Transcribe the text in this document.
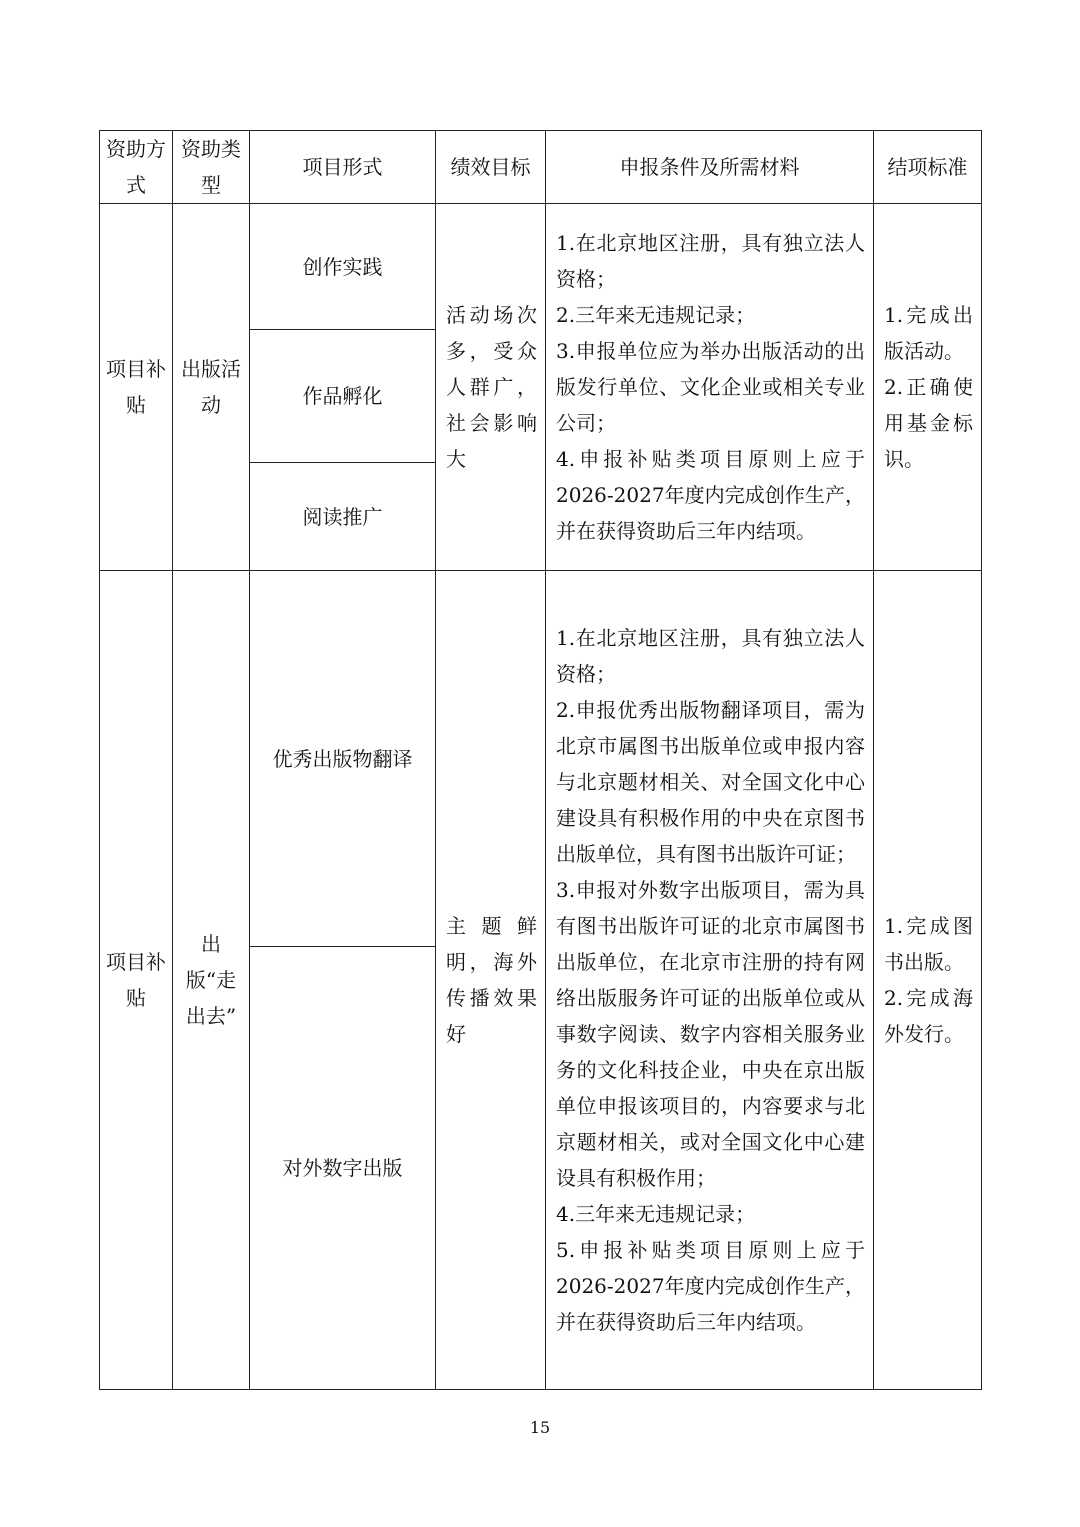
资助方式	资助类型	项目形式	绩效目标	申报条件及所需材料	结项标准
项目补贴	出版活动	创作实践	活动场次多，受众人群广，社会影响大	1.在北京地区注册，具有独立法人资格；
2.三年来无违规记录；
3.申报单位应为举办出版活动的出版发行单位、文化企业或相关专业公司；
4.申报补贴类项目原则上应于2026-2027年度内完成创作生产，并在获得资助后三年内结项。	1.完成出版活动。
2.正确使用基金标识。
		作品孵化			
		阅读推广			
项目补贴	出版“走出去”	优秀出版物翻译	主题鲜明，海外传播效果好	1.在北京地区注册，具有独立法人资格；
2.申报优秀出版物翻译项目，需为北京市属图书出版单位或申报内容与北京题材相关、对全国文化中心建设具有积极作用的中央在京图书出版单位，具有图书出版许可证；
3.申报对外数字出版项目，需为具有图书出版许可证的北京市属图书出版单位，在北京市注册的持有网络出版服务许可证的出版单位或从事数字阅读、数字内容相关服务业务的文化科技企业，中央在京出版单位申报该项目的，内容要求与北京题材相关，或对全国文化中心建设具有积极作用；
4.三年来无违规记录；
5.申报补贴类项目原则上应于2026-2027年度内完成创作生产，并在获得资助后三年内结项。	1.完成图书出版。
2.完成海外发行。
		对外数字出版			
15
